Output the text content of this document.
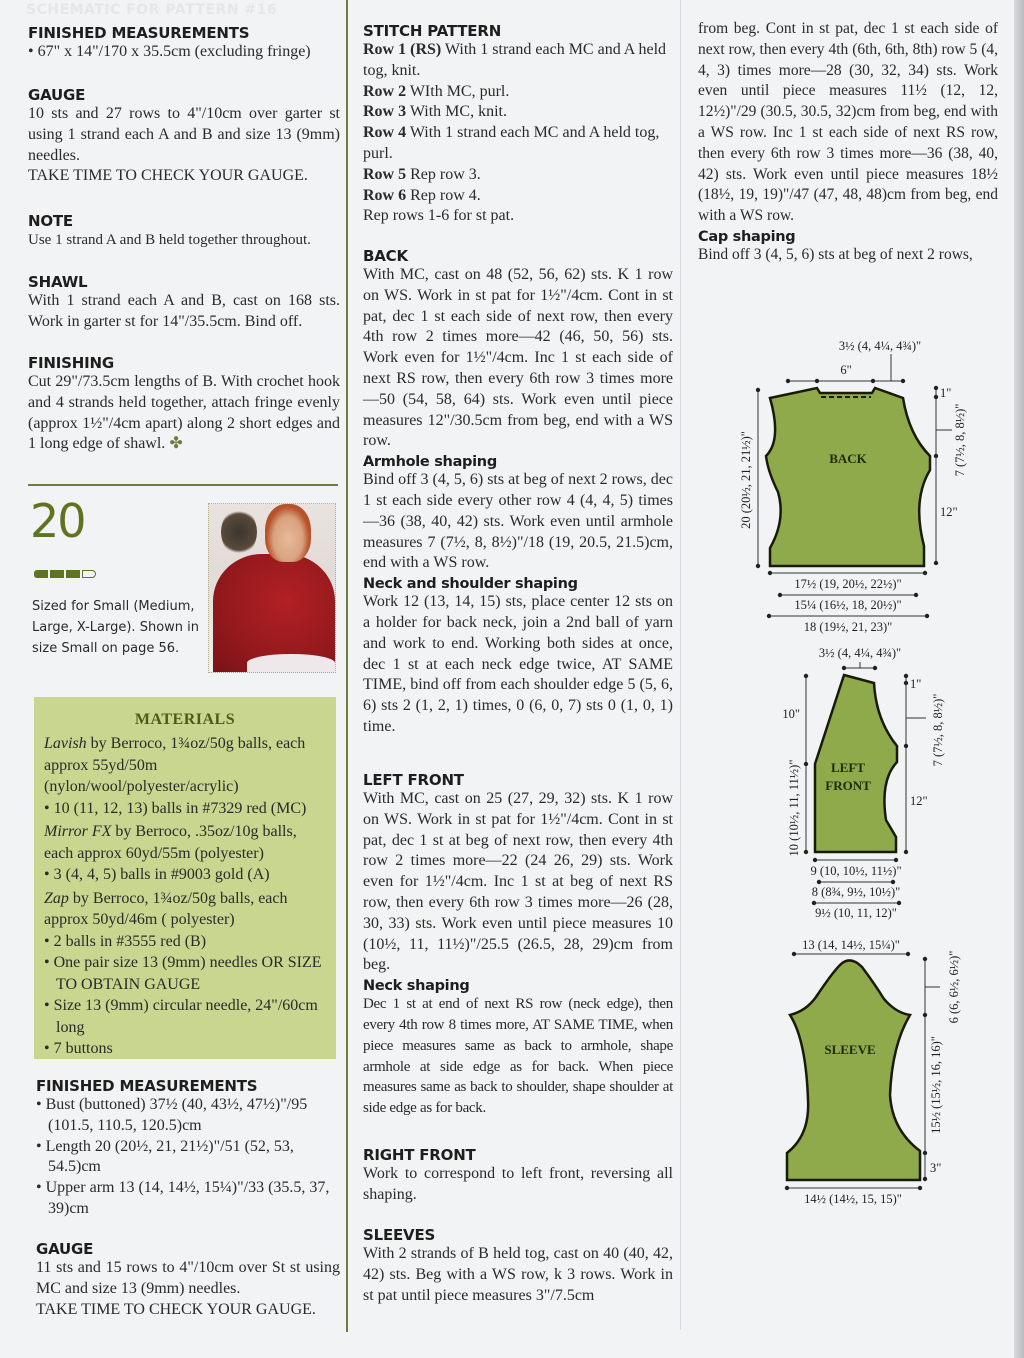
SCHEMATIC FOR PATTERN #16
FINISHED MEASUREMENTS
• 67" x 14"/170 x 35.5cm (excluding fringe)
GAUGE

10 sts and 27 rows to 4"/10cm over garter st using 1 strand each A and B and size 13 (9mm) needles.

TAKE TIME TO CHECK YOUR GAUGE.

NOTE

Use 1 strand A and B held together throughout.

SHAWL

With 1 strand each A and B, cast on 168 sts. Work in garter st for 14"/35.5cm. Bind off.

FINISHING

Cut 29"/73.5cm lengths of B. With crochet hook and 4 strands held together, attach fringe evenly (approx 1½"/4cm apart) along 2 short edges and 1 long edge of shawl. ✤

20
Sized for Small (Medium, Large, X-Large). Shown in size Small on page 56.
MATERIALS

Lavish by Berroco, 1¾oz/50g balls, each approx 55yd/50m (nylon/wool/polyester/acrylic)

• 10 (11, 12, 13) balls in #7329 red (MC)

Mirror FX by Berroco, .35oz/10g balls, each approx 60yd/55m (polyester)

• 3 (4, 4, 5) balls in #9003 gold (A)

Zap by Berroco, 1¾oz/50g balls, each approx 50yd/46m ( polyester)

• 2 balls in #3555 red (B)
• One pair size 13 (9mm) needles OR SIZE TO OBTAIN GAUGE
• Size 13 (9mm) circular needle, 24"/60cm long
• 7 buttons
FINISHED MEASUREMENTS
• Bust (buttoned) 37½ (40, 43½, 47½)"/95 (101.5, 110.5, 120.5)cm
• Length 20 (20½, 21, 21½)"/51 (52, 53, 54.5)cm
• Upper arm 13 (14, 14½, 15¼)"/33 (35.5, 37, 39)cm
GAUGE

11 sts and 15 rows to 4"/10cm over St st using MC and size 13 (9mm) needles.

TAKE TIME TO CHECK YOUR GAUGE.

STITCH PATTERN

Row 1 (RS) With 1 strand each MC and A held tog, knit.

Row 2 WIth MC, purl.

Row 3 With MC, knit.

Row 4 With 1 strand each MC and A held tog, purl.

Row 5 Rep row 3.

Row 6 Rep row 4.

Rep rows 1-6 for st pat.

BACK

With MC, cast on 48 (52, 56, 62) sts. K 1 row on WS. Work in st pat for 1½"/4cm. Cont in st pat, dec 1 st each side of next row, then every 4th row 2 times more—42 (46, 50, 56) sts. Work even for 1½"/4cm. Inc 1 st each side of next RS row, then every 6th row 3 times more—50 (54, 58, 64) sts. Work even until piece measures 12"/30.5cm from beg, end with a WS row.

Armhole shaping

Bind off 3 (4, 5, 6) sts at beg of next 2 rows, dec 1 st each side every other row 4 (4, 4, 5) times—36 (38, 40, 42) sts. Work even until armhole measures 7 (7½, 8, 8½)"/18 (19, 20.5, 21.5)cm, end with a WS row.

Neck and shoulder shaping

Work 12 (13, 14, 15) sts, place center 12 sts on a holder for back neck, join a 2nd ball of yarn and work to end. Working both sides at once, dec 1 st at each neck edge twice, AT SAME TIME, bind off from each shoulder edge 5 (5, 6, 6) sts 2 (1, 2, 1) times, 0 (6, 0, 7) sts 0 (1, 0, 1) time.

LEFT FRONT

With MC, cast on 25 (27, 29, 32) sts. K 1 row on WS. Work in st pat for 1½"/4cm. Cont in st pat, dec 1 st at beg of next row, then every 4th row 2 times more—22 (24 26, 29) sts. Work even for 1½"/4cm. Inc 1 st at beg of next RS row, then every 6th row 3 times more—26 (28, 30, 33) sts. Work even until piece measures 10 (10½, 11, 11½)"/25.5 (26.5, 28, 29)cm from beg.

Neck shaping

Dec 1 st at end of next RS row (neck edge), then every 4th row 8 times more, AT SAME TIME, when piece measures same as back to armhole, shape armhole at side edge as for back. When piece measures same as back to shoulder, shape shoulder at side edge as for back.

RIGHT FRONT

Work to correspond to left front, reversing all shaping.

SLEEVES

With 2 strands of B held tog, cast on 40 (40, 42, 42) sts. Beg with a WS row, k 3 rows. Work in st pat until piece measures 3"/7.5cm

from beg. Cont in st pat, dec 1 st each side of next row, then every 4th (6th, 6th, 8th) row 5 (4, 4, 3) times more—28 (30, 32, 34) sts. Work even until piece measures 11½ (12, 12, 12½)"/29 (30.5, 30.5, 32)cm from beg, end with a WS row. Inc 1 st each side of next RS row, then every 6th row 3 times more—36 (38, 40, 42) sts. Work even until piece measures 18½ (18½, 19, 19)"/47 (47, 48, 48)cm from beg, end with a WS row.

Cap shaping

Bind off 3 (4, 5, 6) sts at beg of next 2 rows,

BACK
3½ (4, 4¼, 4¾)"
6"
20 (20½, 21, 21½)"
1"
7 (7½, 8, 8½)"
12"
17½ (19, 20½, 22½)"
15¼ (16½, 18, 20½)"
18 (19½, 21, 23)"
LEFT
FRONT
3½ (4, 4¼, 4¾)"
10"
10 (10½, 11, 11½)"
1"
7 (7½, 8, 8½)"
12"
9 (10, 10½, 11½)"
8 (8¾, 9½, 10½)"
9½ (10, 11, 12)"
SLEEVE
13 (14, 14½, 15¼)"
6 (6, 6½, 6½)"
15½ (15½, 16, 16)"
3"
14½ (14½, 15, 15)"
